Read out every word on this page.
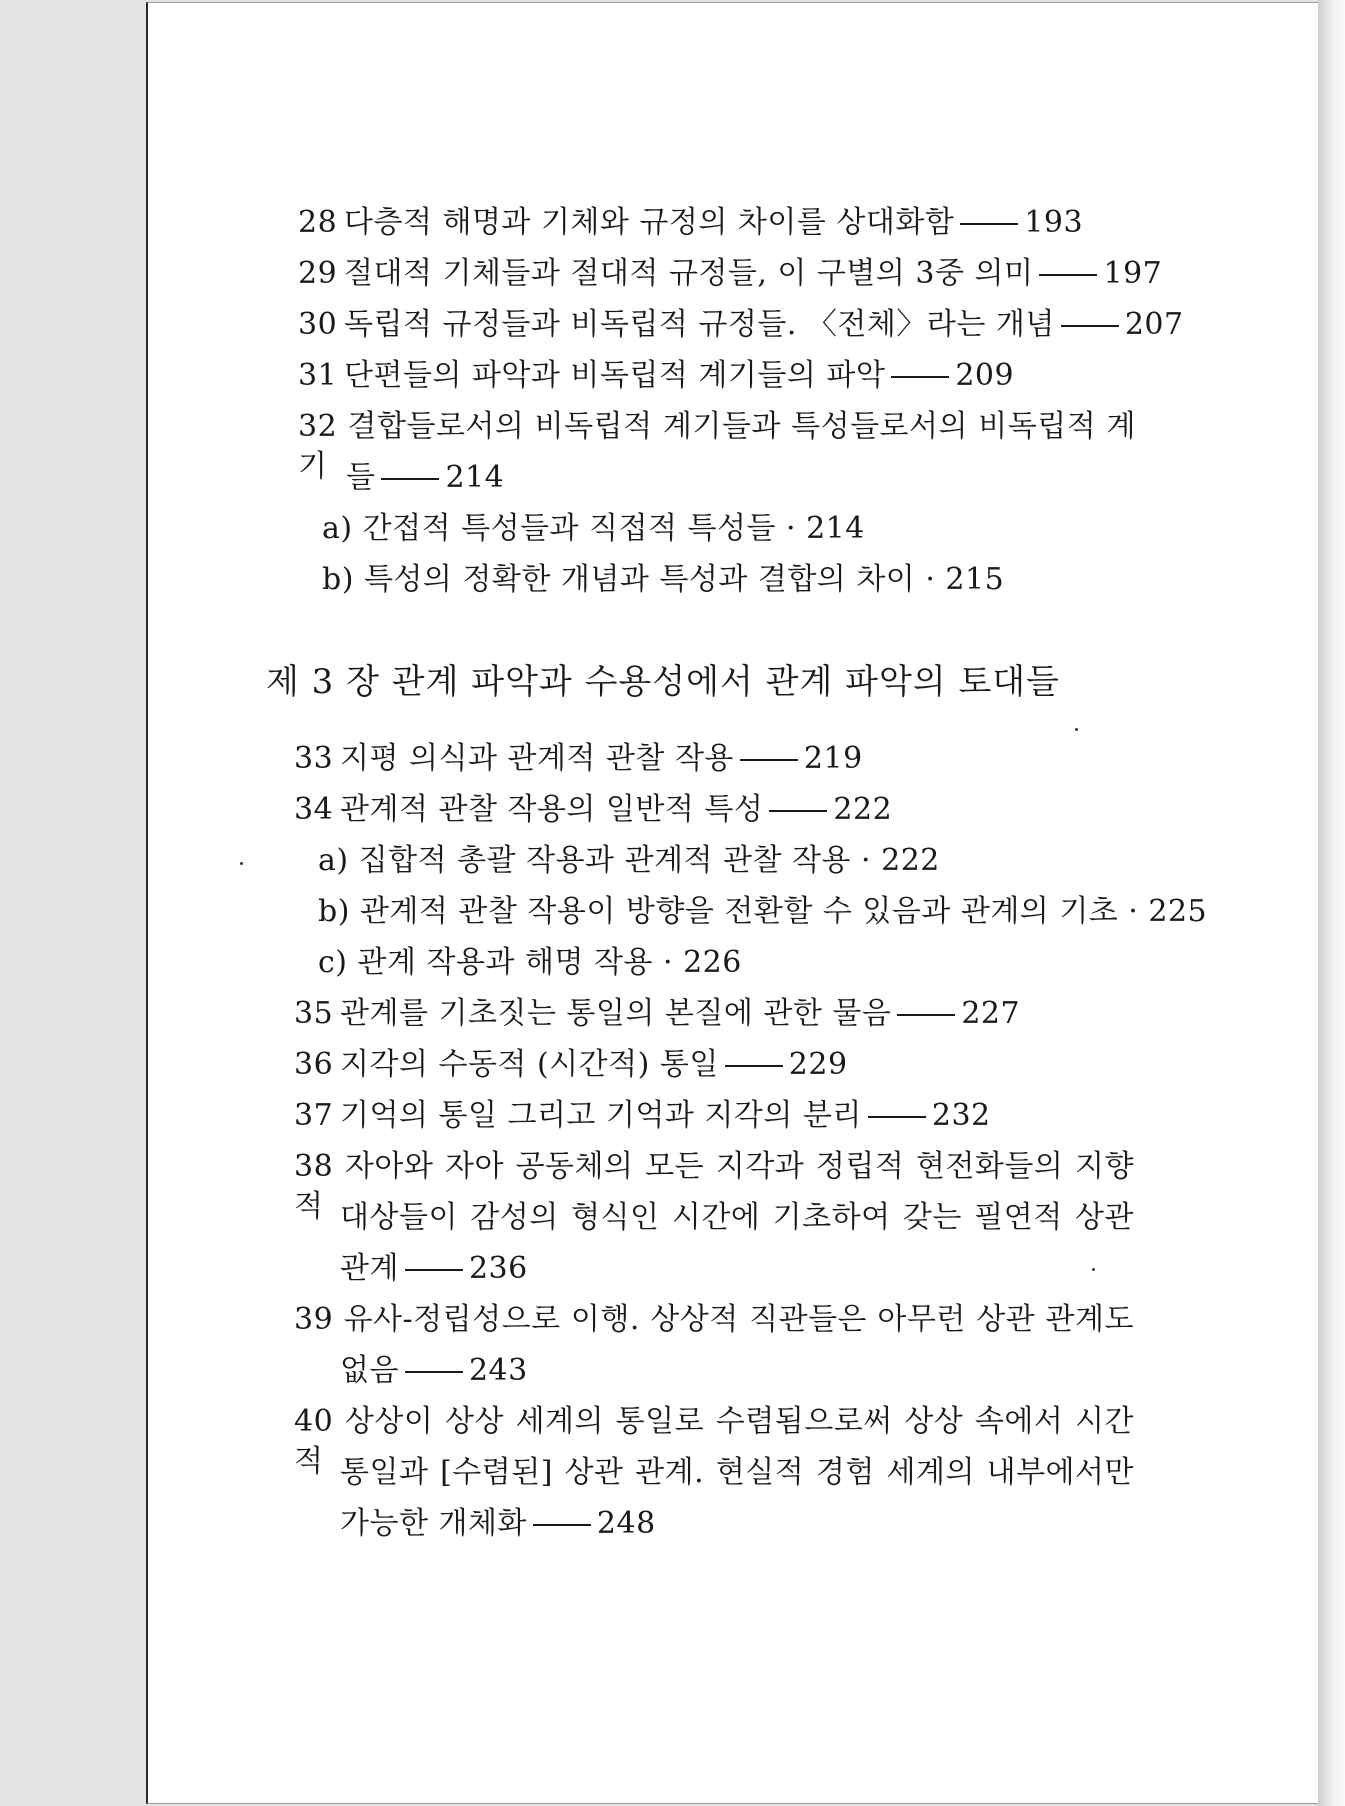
28 다층적 해명과 기체와 규정의 차이를 상대화함 193
29 절대적 기체들과 절대적 규정들, 이 구별의 3중 의미 197
30 독립적 규정들과 비독립적 규정들. 〈전체〉라는 개념 207
31 단편들의 파악과 비독립적 계기들의 파악 209
32 결합들로서의 비독립적 계기들과 특성들로서의 비독립적 계기 들 214
a) 간접적 특성들과 직접적 특성들 · 214
b) 특성의 정확한 개념과 특성과 결합의 차이 · 215
제 3 장 관계 파악과 수용성에서 관계 파악의 토대들
33 지평 의식과 관계적 관찰 작용 219
34 관계적 관찰 작용의 일반적 특성 222
a) 집합적 총괄 작용과 관계적 관찰 작용 · 222
b) 관계적 관찰 작용이 방향을 전환할 수 있음과 관계의 기초 · 225
c) 관계 작용과 해명 작용 · 226
35 관계를 기초짓는 통일의 본질에 관한 물음 227
36 지각의 수동적 (시간적) 통일 229
37 기억의 통일 그리고 기억과 지각의 분리 232
38 자아와 자아 공동체의 모든 지각과 정립적 현전화들의 지향적 대상들이 감성의 형식인 시간에 기초하여 갖는 필연적 상관
관계 236
39 유사-정립성으로 이행. 상상적 직관들은 아무런 상관 관계도
없음 243
40 상상이 상상 세계의 통일로 수렴됨으로써 상상 속에서 시간적 통일과 [수렴된] 상관 관계. 현실적 경험 세계의 내부에서만
가능한 개체화 248
